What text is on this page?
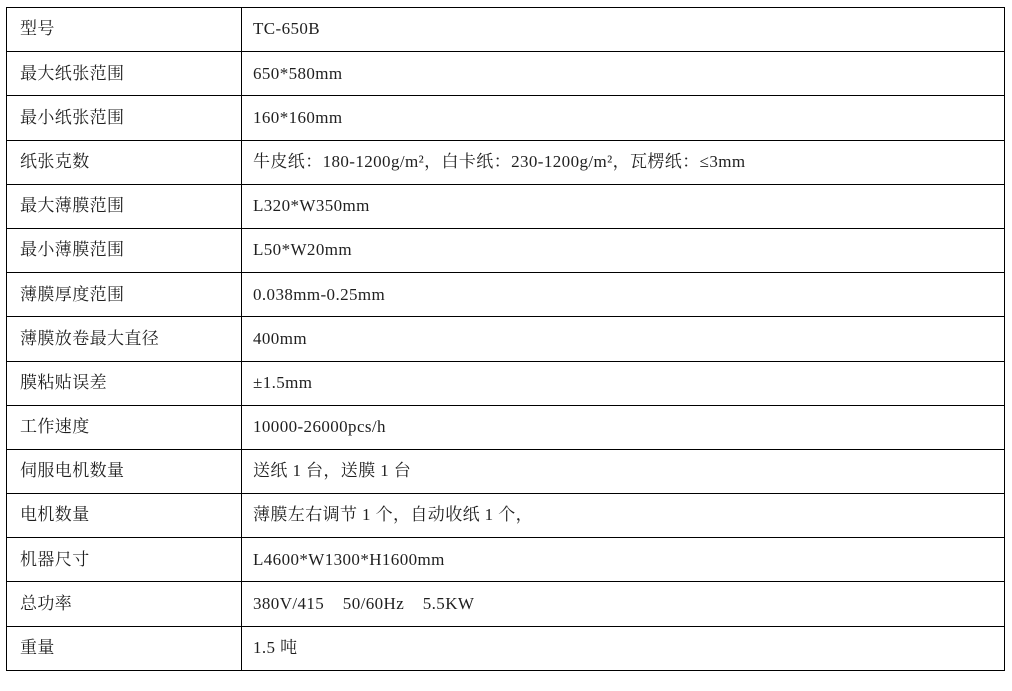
型号	TC-650B
最大纸张范围	650*580mm
最小纸张范围	160*160mm
纸张克数	牛皮纸：180-1200g/m²，白卡纸：230-1200g/m²，瓦楞纸：≤3mm
最大薄膜范围	L320*W350mm
最小薄膜范围	L50*W20mm
薄膜厚度范围	0.038mm-0.25mm
薄膜放卷最大直径	400mm
膜粘贴误差	±1.5mm
工作速度	10000-26000pcs/h
伺服电机数量	送纸 1 台，送膜 1 台
电机数量	薄膜左右调节 1 个，自动收纸 1 个，
机器尺寸	L4600*W1300*H1600mm
总功率	380V/415    50/60Hz    5.5KW
重量	1.5 吨
